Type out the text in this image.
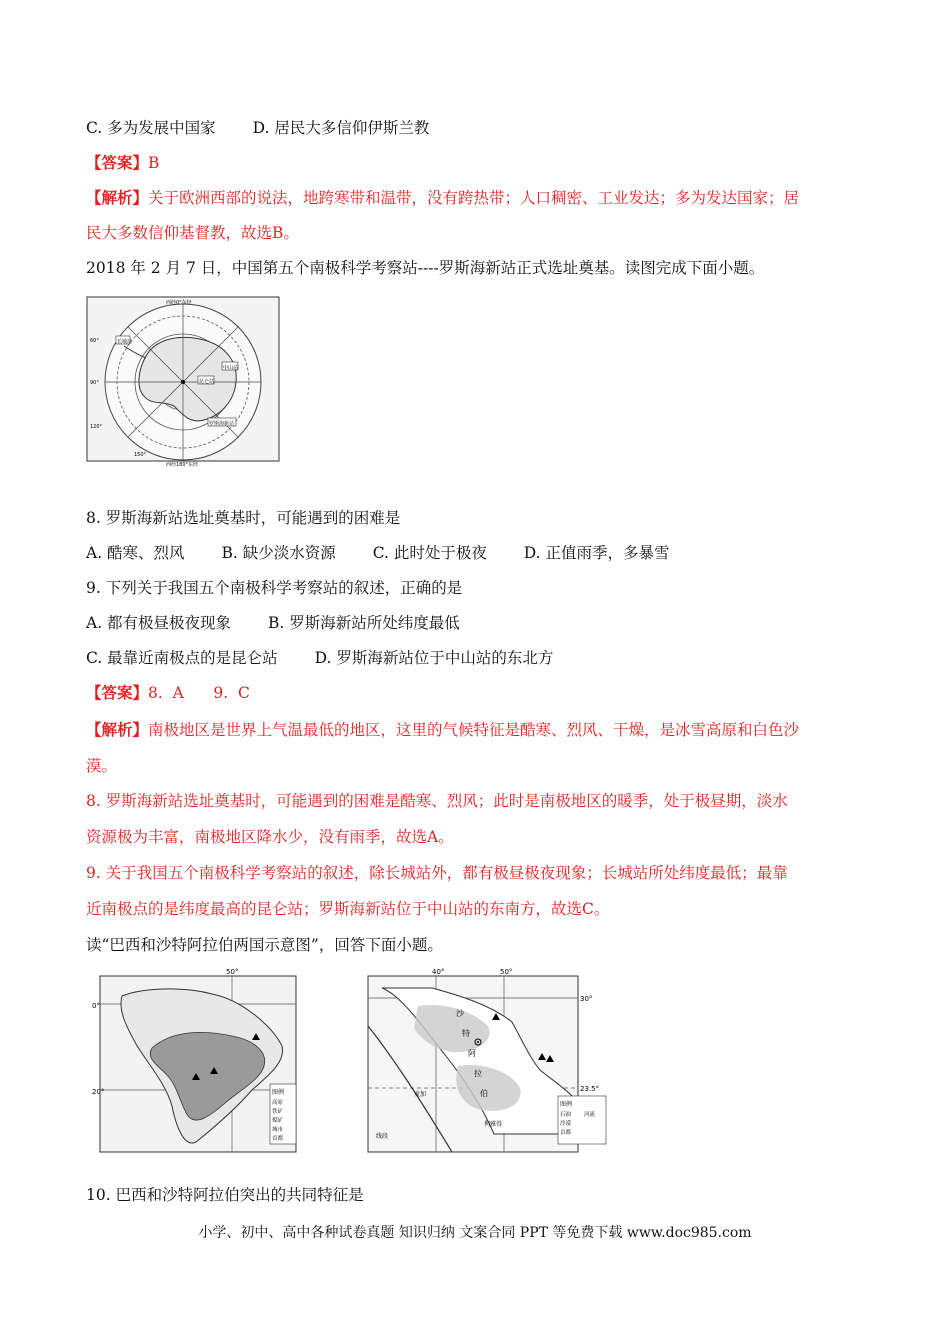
C. 多为发展中国家 D. 居民大多信仰伊斯兰教
【答案】B
【解析】关于欧洲西部的说法，地跨寒带和温带，没有跨热带；人口稠密、工业发达；多为发达国家；居
民大多数信仰基督教，故选B。
2018 年 2 月 7 日，中国第五个南极科学考察站----罗斯海新站正式选址奠基。读图完成下面小题。
长城站
中山站
昆仑站
罗斯海新站
西经0°东经
西经180°东经
60°
90°
120°
150°
8. 罗斯海新站选址奠基时，可能遇到的困难是
A. 酷寒、烈风 B. 缺少淡水资源 C. 此时处于极夜 D. 正值雨季，多暴雪
9. 下列关于我国五个南极科学考察站的叙述，正确的是
A. 都有极昼极夜现象 B. 罗斯海新站所处纬度最低
C. 最靠近南极点的是昆仑站 D. 罗斯海新站位于中山站的东北方
【答案】8.  A      9.  C
【解析】南极地区是世界上气温最低的地区，这里的气候特征是酷寒、烈风、干燥，是冰雪高原和白色沙
漠。
8. 罗斯海新站选址奠基时，可能遇到的困难是酷寒、烈风；此时是南极地区的暖季，处于极昼期，淡水
资源极为丰富，南极地区降水少，没有雨季，故选A。
9. 关于我国五个南极科学考察站的叙述，除长城站外，都有极昼极夜现象；长城站所处纬度最低；最靠
近南极点的是纬度最高的昆仑站；罗斯海新站位于中山站的东南方，故选C。
读“巴西和沙特阿拉伯两国示意图”，回答下面小题。
0°
20°
50°
图例
高原
铁矿
煤矿
城市
首都
40°	50°
30°
23.5°
沙
特
阿
拉
伯
线段
麦加
利雅得
图例
石油
沙漠
首都
河流
10. 巴西和沙特阿拉伯突出的共同特征是
小学、初中、高中各种试卷真题 知识归纳 文案合同 PPT 等免费下载 www.doc985.com
